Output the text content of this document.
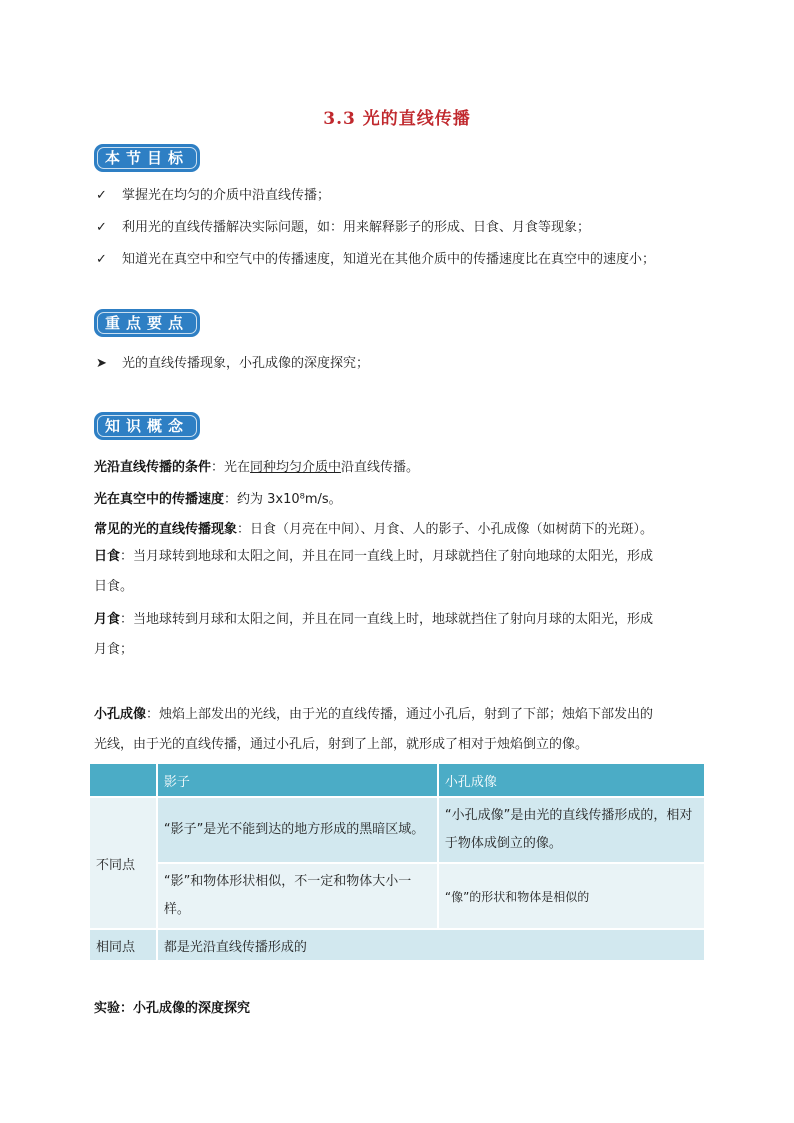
3.3 光的直线传播
本节目标
✓ 掌握光在均匀的介质中沿直线传播；
✓ 利用光的直线传播解决实际问题，如：用来解释影子的形成、日食、月食等现象；
✓ 知道光在真空中和空气中的传播速度，知道光在其他介质中的传播速度比在真空中的速度小；
重点要点
➤ 光的直线传播现象，小孔成像的深度探究；
知识概念
光沿直线传播的条件：光在同种均匀介质中沿直线传播。
光在真空中的传播速度：约为 3x10⁸m/s。
常见的光的直线传播现象：日食（月亮在中间）、月食、人的影子、小孔成像（如树荫下的光斑）。
日食：当月球转到地球和太阳之间，并且在同一直线上时，月球就挡住了射向地球的太阳光，形成
日食。
月食：当地球转到月球和太阳之间，并且在同一直线上时，地球就挡住了射向月球的太阳光，形成
月食；
小孔成像：烛焰上部发出的光线，由于光的直线传播，通过小孔后，射到了下部；烛焰下部发出的
光线，由于光的直线传播，通过小孔后，射到了上部，就形成了相对于烛焰倒立的像。
	影子	小孔成像
不同点	“影子”是光不能到达的地方形成的黑暗区域。	“小孔成像”是由光的直线传播形成的，相对于物体成倒立的像。
	“影”和物体形状相似，不一定和物体大小一样。	“像”的形状和物体是相似的
相同点	都是光沿直线传播形成的	
实验：小孔成像的深度探究
